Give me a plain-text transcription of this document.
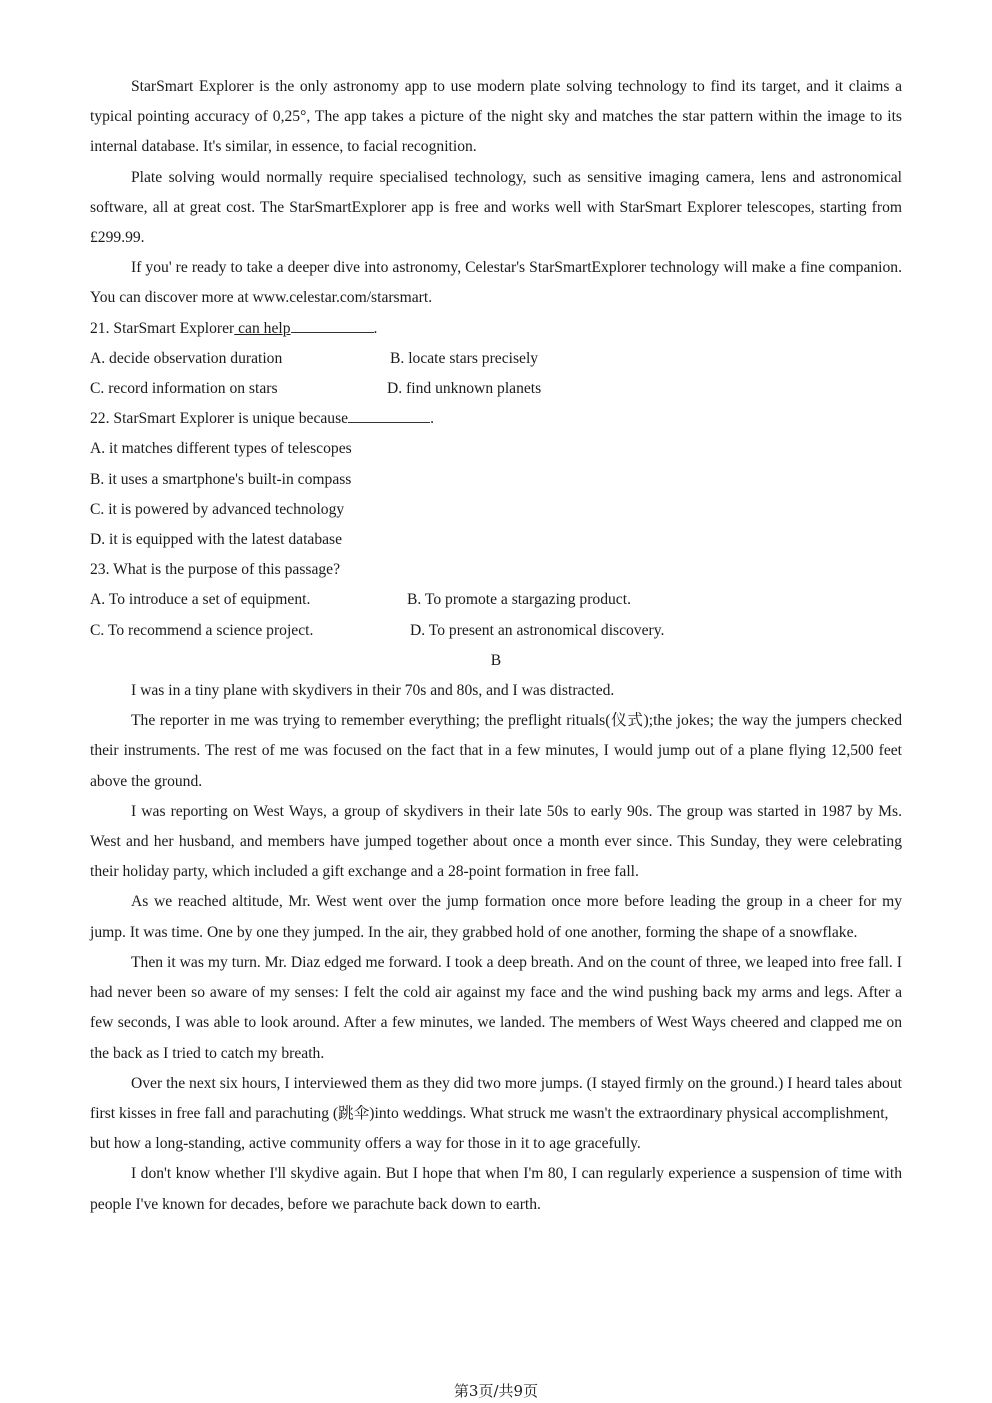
StarSmart Explorer is the only astronomy app to use modern plate solving technology to find its target, and it claims a typical pointing accuracy of 0,25°, The app takes a picture of the night sky and matches the star pattern within the image to its internal database. It's similar, in essence, to facial recognition.

Plate solving would normally require specialised technology, such as sensitive imaging camera, lens and astronomical software, all at great cost. The StarSmartExplorer app is free and works well with StarSmart Explorer telescopes, starting from £299.99.

If you' re ready to take a deeper dive into astronomy, Celestar's StarSmartExplorer technology will make a fine companion. You can discover more at www.celestar.com/starsmart.

21. StarSmart Explorer can help	.

A. decide observation duration	B. locate stars precisely
C. record information on stars	D. find unknown planets

22. StarSmart Explorer is unique because	.

A. it matches different types of telescopes

B. it uses a smartphone's built-in compass

C. it is powered by advanced technology

D. it is equipped with the latest database

23. What is the purpose of this passage?

A. To introduce a set of equipment.	B. To promote a stargazing product.
C. To recommend a science project.	D. To present an astronomical discovery.

B

I was in a tiny plane with skydivers in their 70s and 80s, and I was distracted.

The reporter in me was trying to remember everything; the preflight rituals(仪式);the jokes; the way the jumpers checked their instruments. The rest of me was focused on the fact that in a few minutes, I would jump out of a plane flying 12,500 feet above the ground.

I was reporting on West Ways, a group of skydivers in their late 50s to early 90s. The group was started in 1987 by Ms. West and her husband, and members have jumped together about once a month ever since. This Sunday, they were celebrating their holiday party, which included a gift exchange and a 28-point formation in free fall.

As we reached altitude, Mr. West went over the jump formation once more before leading the group in a cheer for my jump. It was time. One by one they jumped. In the air, they grabbed hold of one another, forming the shape of a snowflake.

Then it was my turn. Mr. Diaz edged me forward. I took a deep breath. And on the count of three, we leaped into free fall. I had never been so aware of my senses: I felt the cold air against my face and the wind pushing back my arms and legs. After a few seconds, I was able to look around. After a few minutes, we landed. The members of West Ways cheered and clapped me on the back as I tried to catch my breath.

Over the next six hours, I interviewed them as they did two more jumps. (I stayed firmly on the ground.) I heard tales about first kisses in free fall and parachuting (跳伞)into weddings. What struck me wasn't the extraordinary physical accomplishment,

but how a long-standing, active community offers a way for those in it to age gracefully.

I don't know whether I'll skydive again. But I hope that when I'm 80, I can regularly experience a suspension of time with people I've known for decades, before we parachute back down to earth.

第3页/共9页
